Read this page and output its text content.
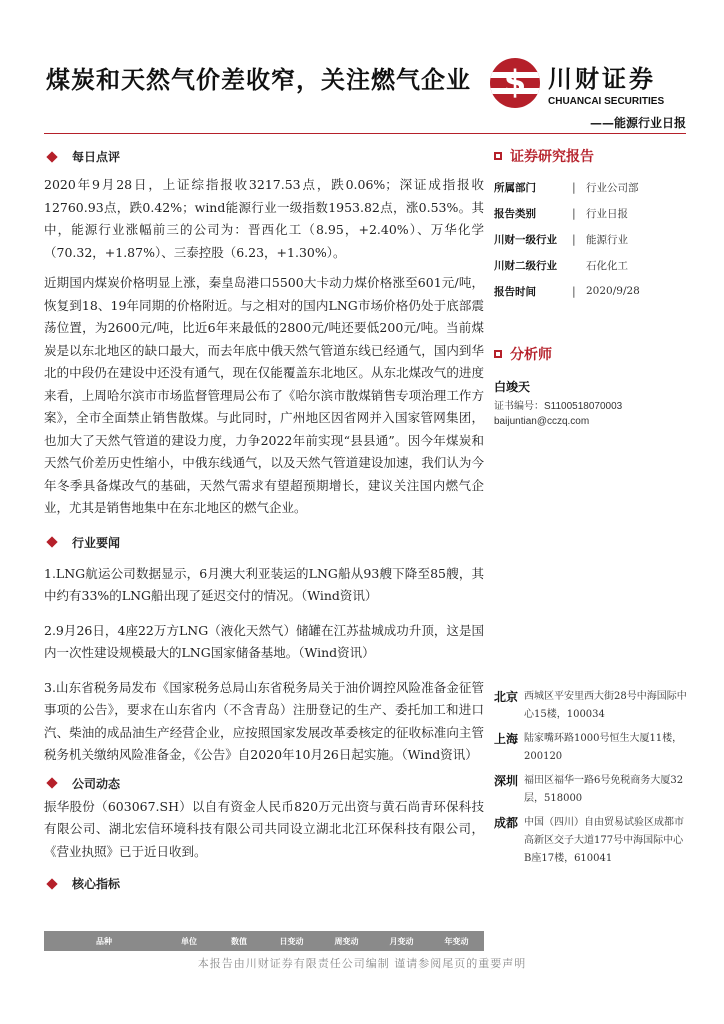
煤炭和天然气价差收窄，关注燃气企业	$ 川财证券
CHUANCAI SECURITIES
——能源行业日报
每日点评
2020年9月28日，上证综指报收3217.53点，跌0.06%；深证成指报收12760.93点，跌0.42%；wind能源行业一级指数1953.82点，涨0.53%。其中，能源行业涨幅前三的公司为：晋西化工（8.95，+2.40%）、万华化学（70.32，+1.87%）、三泰控股（6.23，+1.30%）。
近期国内煤炭价格明显上涨，秦皇岛港口5500大卡动力煤价格涨至601元/吨，恢复到18、19年同期的价格附近。与之相对的国内LNG市场价格仍处于底部震荡位置，为2600元/吨，比近6年来最低的2800元/吨还要低200元/吨。当前煤炭是以东北地区的缺口最大，而去年底中俄天然气管道东线已经通气，国内到华北的中段仍在建设中还没有通气，现在仅能覆盖东北地区。从东北煤改气的进度来看，上周哈尔滨市市场监督管理局公布了《哈尔滨市散煤销售专项治理工作方案》，全市全面禁止销售散煤。与此同时，广州地区因省网并入国家管网集团，也加大了天然气管道的建设力度，力争2022年前实现“县县通”。因今年煤炭和天然气价差历史性缩小，中俄东线通气，以及天然气管道建设加速，我们认为今年冬季具备煤改气的基础，天然气需求有望超预期增长，建议关注国内燃气企业，尤其是销售地集中在东北地区的燃气企业。
行业要闻
1.LNG航运公司数据显示，6月澳大利亚装运的LNG船从93艘下降至85艘，其中约有33%的LNG船出现了延迟交付的情况。（Wind资讯）
2.9月26日，4座22万方LNG（液化天然气）储罐在江苏盐城成功升顶，这是国内一次性建设规模最大的LNG国家储备基地。（Wind资讯）
3.山东省税务局发布《国家税务总局山东省税务局关于油价调控风险准备金征管事项的公告》，要求在山东省内（不含青岛）注册登记的生产、委托加工和进口汽、柴油的成品油生产经营企业，应按照国家发展改革委核定的征收标准向主管税务机关缴纳风险准备金，《公告》自2020年10月26日起实施。（Wind资讯）
公司动态
振华股份（603067.SH）以自有资金人民币820万元出资与黄石尚青环保科技有限公司、湖北宏信环境科技有限公司共同设立湖北北江环保科技有限公司，《营业执照》已于近日收到。
核心指标
品种	单位	数值	日变动	周变动	月变动	年变动
证券研究报告
所属部门	| 行业公司部
报告类别	| 行业日报
川财一级行业	| 能源行业
川财二级行业	石化化工
报告时间	| 2020/9/28
分析师
白竣天
证书编号：S1100518070003
baijuntian@cczq.com
北京 西城区平安里西大街28号中海国际中心15楼，100034
上海 陆家嘴环路1000号恒生大厦11楼，200120
深圳 福田区福华一路6号免税商务大厦32层，518000
成都 中国（四川）自由贸易试验区成都市高新区交子大道177号中海国际中心B座17楼，610041
本报告由川财证券有限责任公司编制 谨请参阅尾页的重要声明
